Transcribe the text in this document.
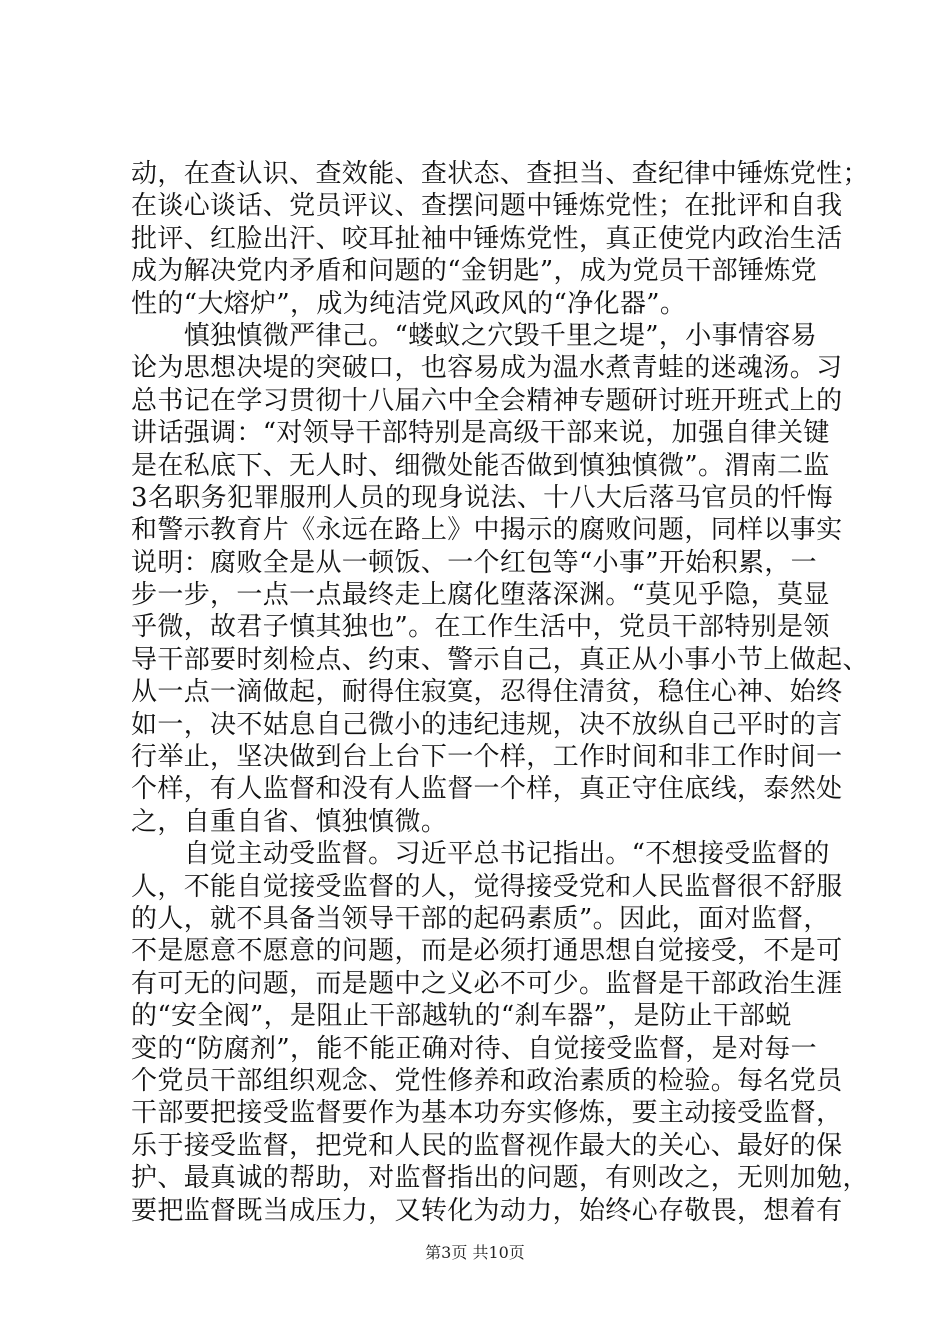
动，在查认识、查效能、查状态、查担当、查纪律中锤炼党性；
在谈心谈话、党员评议、查摆问题中锤炼党性；在批评和自我
批评、红脸出汗、咬耳扯袖中锤炼党性，真正使党内政治生活
成为解决党内矛盾和问题的“金钥匙”，成为党员干部锤炼党
性的“大熔炉”，成为纯洁党风政风的“净化器”。
　　慎独慎微严律己。“蝼蚁之穴毁千里之堤”，小事情容易
论为思想决堤的突破口，也容易成为温水煮青蛙的迷魂汤。习
总书记在学习贯彻十八届六中全会精神专题研讨班开班式上的
讲话强调：“对领导干部特别是高级干部来说，加强自律关键
是在私底下、无人时、细微处能否做到慎独慎微”。渭南二监
3名职务犯罪服刑人员的现身说法、十八大后落马官员的忏悔
和警示教育片《永远在路上》中揭示的腐败问题，同样以事实
说明：腐败全是从一顿饭、一个红包等“小事”开始积累，一
步一步，一点一点最终走上腐化堕落深渊。“莫见乎隐，莫显
乎微，故君子慎其独也”。在工作生活中，党员干部特别是领
导干部要时刻检点、约束、警示自己，真正从小事小节上做起、
从一点一滴做起，耐得住寂寞，忍得住清贫，稳住心神、始终
如一，决不姑息自己微小的违纪违规，决不放纵自己平时的言
行举止，坚决做到台上台下一个样，工作时间和非工作时间一
个样，有人监督和没有人监督一个样，真正守住底线，泰然处
之，自重自省、慎独慎微。
　　自觉主动受监督。习近平总书记指出。“不想接受监督的
人，不能自觉接受监督的人，觉得接受党和人民监督很不舒服
的人，就不具备当领导干部的起码素质”。因此，面对监督，
不是愿意不愿意的问题，而是必须打通思想自觉接受，不是可
有可无的问题，而是题中之义必不可少。监督是干部政治生涯
的“安全阀”，是阻止干部越轨的“刹车器”，是防止干部蜕
变的“防腐剂”，能不能正确对待、自觉接受监督，是对每一
个党员干部组织观念、党性修养和政治素质的检验。每名党员
干部要把接受监督要作为基本功夯实修炼，要主动接受监督，
乐于接受监督，把党和人民的监督视作最大的关心、最好的保
护、最真诚的帮助，对监督指出的问题，有则改之，无则加勉，
要把监督既当成压力，又转化为动力，始终心存敬畏，想着有
第3页 共10页
